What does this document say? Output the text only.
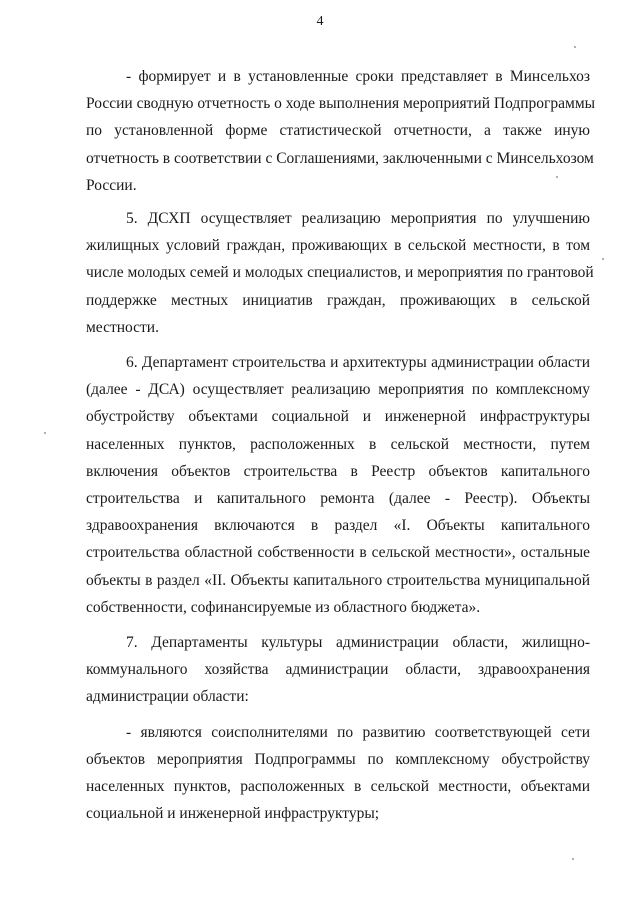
4

- формирует и в установленные сроки представляет в Минсельхоз
России сводную отчетность о ходе выполнения мероприятий Подпрограммы
по установленной форме статистической отчетности, а также иную
отчетность в соответствии с Соглашениями, заключенными с Минсельхозом
России.

5. ДСХП осуществляет реализацию мероприятия по улучшению
жилищных условий граждан, проживающих в сельской местности, в том
числе молодых семей и молодых специалистов, и мероприятия по грантовой
поддержке местных инициатив граждан, проживающих в сельской
местности.

6. Департамент строительства и архитектуры администрации области
(далее - ДСА) осуществляет реализацию мероприятия по комплексному
обустройству объектами социальной и инженерной инфраструктуры
населенных пунктов, расположенных в сельской местности, путем
включения объектов строительства в Реестр объектов капитального
строительства и капитального ремонта (далее - Реестр). Объекты
здравоохранения включаются в раздел «I. Объекты капитального
строительства областной собственности в сельской местности», остальные
объекты в раздел «II. Объекты капитального строительства муниципальной
собственности, софинансируемые из областного бюджета».

7. Департаменты культуры администрации области, жилищно-
коммунального хозяйства администрации области, здравоохранения
администрации области:

- являются соисполнителями по развитию соответствующей сети
объектов мероприятия Подпрограммы по комплексному обустройству
населенных пунктов, расположенных в сельской местности, объектами
социальной и инженерной инфраструктуры;
